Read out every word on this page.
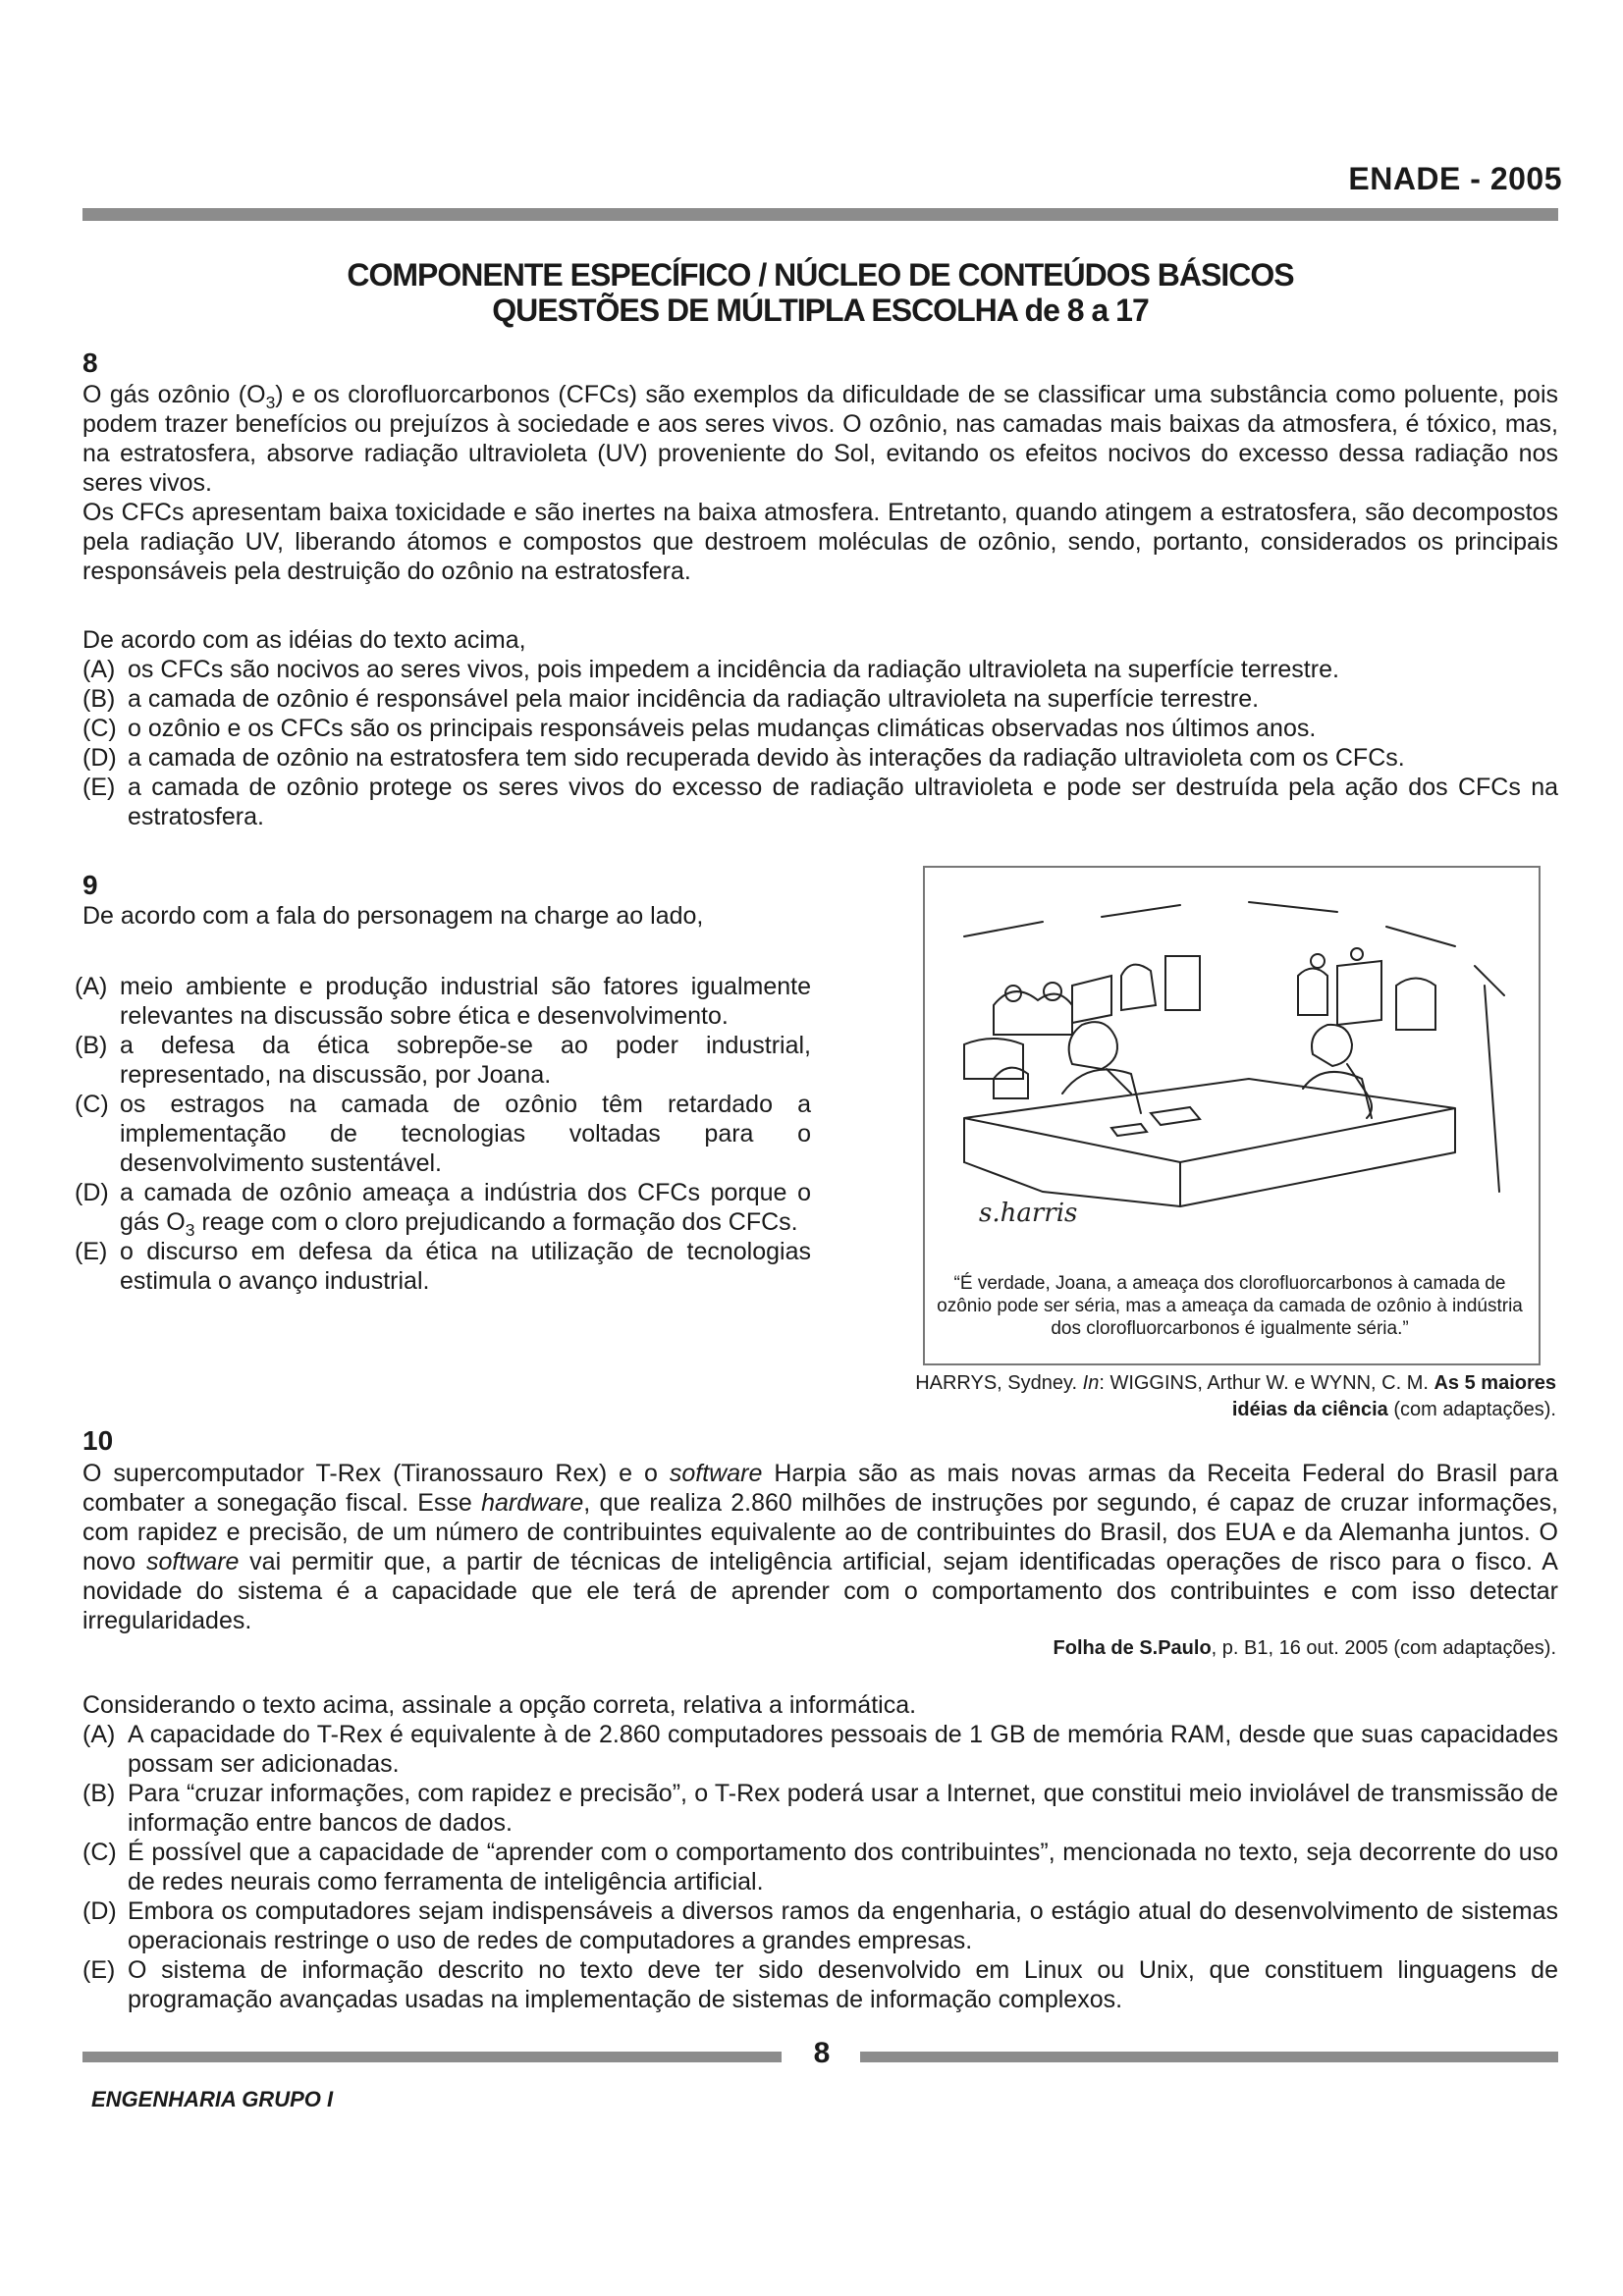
ENADE - 2005
COMPONENTE ESPECÍFICO / NÚCLEO DE CONTEÚDOS BÁSICOS
QUESTÕES DE MÚLTIPLA ESCOLHA de 8 a 17
8

O gás ozônio $(O_3)$ e os clorofluorcarbonos (CFCs) são exemplos da dificuldade de se classificar uma substância como poluente, pois podem trazer benefícios ou prejuízos à sociedade e aos seres vivos. O ozônio, nas camadas mais baixas da atmosfera, é tóxico, mas, na estratosfera, absorve radiação ultravioleta (UV) proveniente do Sol, evitando os efeitos nocivos do excesso dessa radiação nos seres vivos.

Os CFCs apresentam baixa toxicidade e são inertes na baixa atmosfera. Entretanto, quando atingem a estratosfera, são decompostos pela radiação UV, liberando átomos e compostos que destroem moléculas de ozônio, sendo, portanto, considerados os principais responsáveis pela destruição do ozônio na estratosfera.

De acordo com as idéias do texto acima,
(A) os CFCs são nocivos ao seres vivos, pois impedem a incidência da radiação ultravioleta na superfície terrestre.
(B) a camada de ozônio é responsável pela maior incidência da radiação ultravioleta na superfície terrestre.
(C) o ozônio e os CFCs são os principais responsáveis pelas mudanças climáticas observadas nos últimos anos.
(D) a camada de ozônio na estratosfera tem sido recuperada devido às interações da radiação ultravioleta com os CFCs.
(E) a camada de ozônio protege os seres vivos do excesso de radiação ultravioleta e pode ser destruída pela ação dos CFCs na estratosfera.
9
De acordo com a fala do personagem na charge ao lado,
(A) meio ambiente e produção industrial são fatores igualmente relevantes na discussão sobre ética e desenvolvimento.
(B) a defesa da ética sobrepõe-se ao poder industrial, representado, na discussão, por Joana.
(C) os estragos na camada de ozônio têm retardado a implementação de tecnologias voltadas para o desenvolvimento sustentável.
(D) a camada de ozônio ameaça a indústria dos CFCs porque o gás $O_3$ reage com o cloro prejudicando a formação dos CFCs.
(E) o discurso em defesa da ética na utilização de tecnologias estimula o avanço industrial.
s.harris
“É verdade, Joana, a ameaça dos clorofluorcarbonos à camada de ozônio pode ser séria, mas a ameaça da camada de ozônio à indústria dos clorofluorcarbonos é igualmente séria.”
HARRYS, Sydney. In: WIGGINS, Arthur W. e WYNN, C. M. As 5 maiores idéias da ciência (com adaptações).
10
O supercomputador T-Rex (Tiranossauro Rex) e o software Harpia são as mais novas armas da Receita Federal do Brasil para combater a sonegação fiscal. Esse hardware, que realiza 2.860 milhões de instruções por segundo, é capaz de cruzar informações, com rapidez e precisão, de um número de contribuintes equivalente ao de contribuintes do Brasil, dos EUA e da Alemanha juntos. O novo software vai permitir que, a partir de técnicas de inteligência artificial, sejam identificadas operações de risco para o fisco. A novidade do sistema é a capacidade que ele terá de aprender com o comportamento dos contribuintes e com isso detectar irregularidades.
Folha de S.Paulo, p. B1, 16 out. 2005 (com adaptações).
Considerando o texto acima, assinale a opção correta, relativa a informática.
(A) A capacidade do T-Rex é equivalente à de 2.860 computadores pessoais de 1 GB de memória RAM, desde que suas capacidades possam ser adicionadas.
(B) Para “cruzar informações, com rapidez e precisão”, o T-Rex poderá usar a Internet, que constitui meio inviolável de transmissão de informação entre bancos de dados.
(C) É possível que a capacidade de “aprender com o comportamento dos contribuintes”, mencionada no texto, seja decorrente do uso de redes neurais como ferramenta de inteligência artificial.
(D) Embora os computadores sejam indispensáveis a diversos ramos da engenharia, o estágio atual do desenvolvimento de sistemas operacionais restringe o uso de redes de computadores a grandes empresas.
(E) O sistema de informação descrito no texto deve ter sido desenvolvido em Linux ou Unix, que constituem linguagens de programação avançadas usadas na implementação de sistemas de informação complexos.
8
ENGENHARIA GRUPO I
